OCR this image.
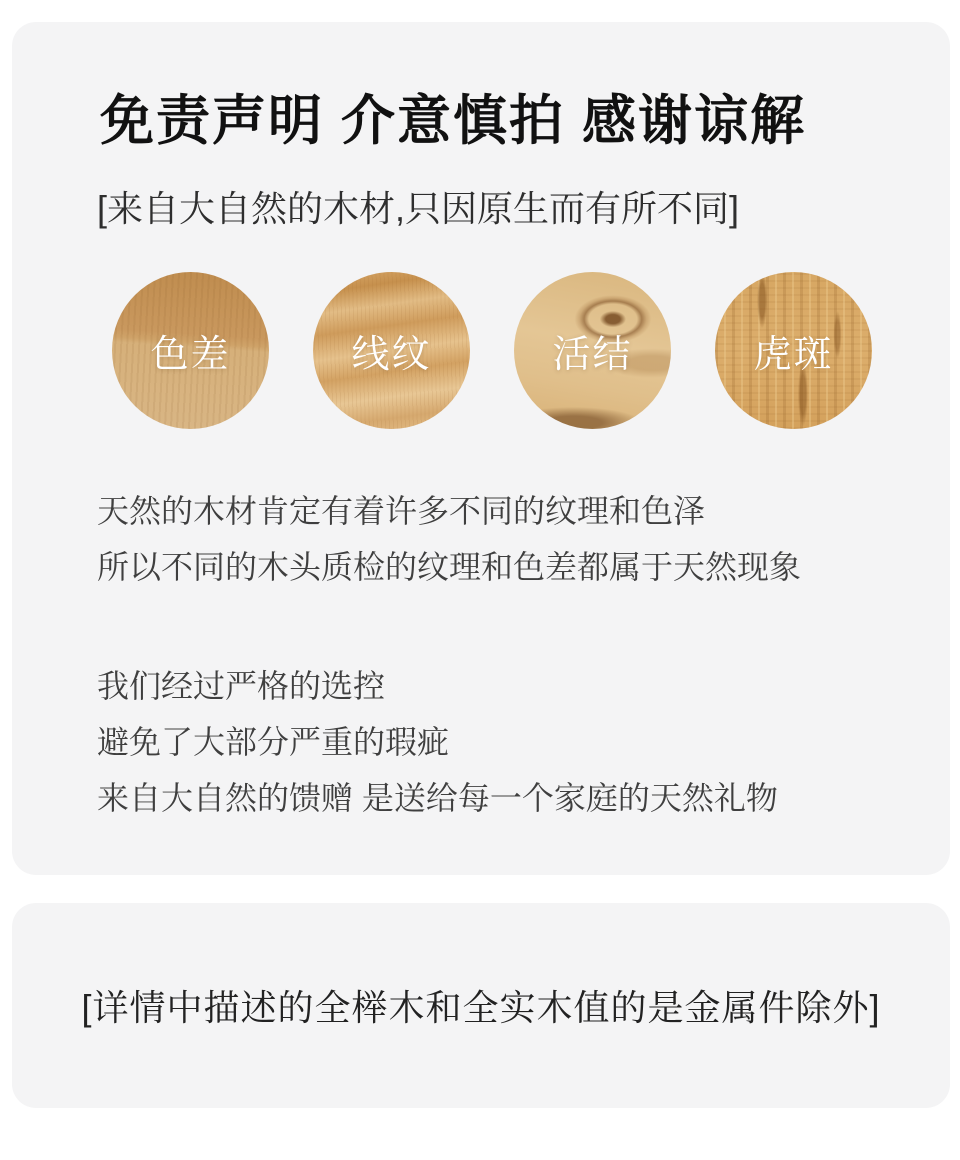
免责声明 介意慎拍 感谢谅解
[来自大自然的木材,只因原生而有所不同]
色差	线纹	活结	虎斑
天然的木材肯定有着许多不同的纹理和色泽
所以不同的木头质检的纹理和色差都属于天然现象
我们经过严格的选控
避免了大部分严重的瑕疵
来自大自然的馈赠 是送给每一个家庭的天然礼物
[详情中描述的全榉木和全实木值的是金属件除外]
